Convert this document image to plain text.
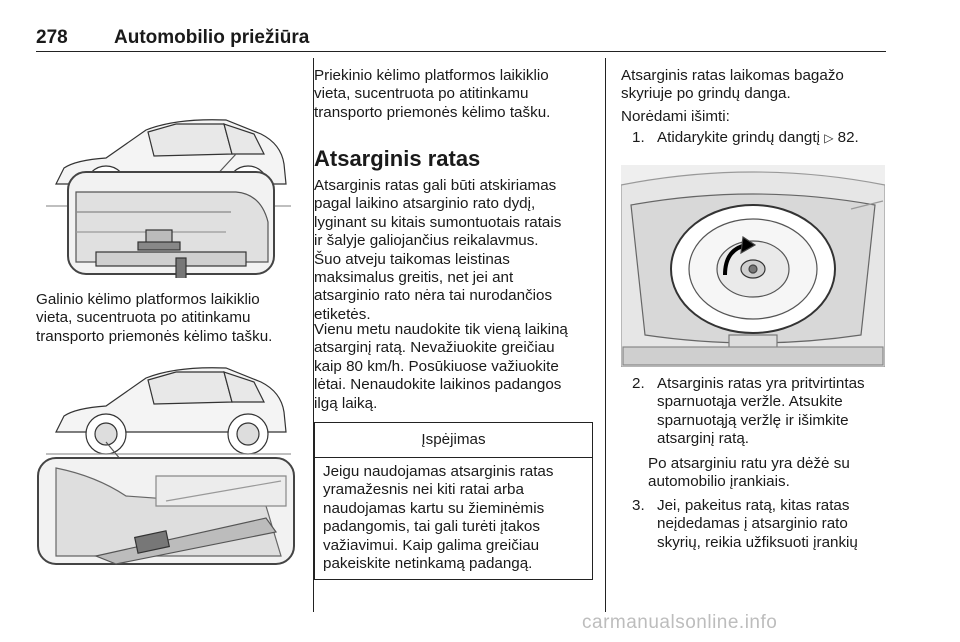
278 Automobilio priežiūra

Galinio kėlimo platformos laikiklio

vieta, sucentruota po atitinkamu

transporto priemonės kėlimo tašku.

Priekinio kėlimo platformos laikiklio

vieta, sucentruota po atitinkamu

transporto priemonės kėlimo tašku.

Atsarginis ratas

Atsarginis ratas gali būti atskiriamas

pagal laikino atsarginio rato dydį,

lyginant su kitais sumontuotais ratais

ir šalyje galiojančius reikalavmus.

Šuo atveju taikomas leistinas

maksimalus greitis, net jei ant

atsarginio rato nėra tai nurodančios

etiketės.

Vienu metu naudokite tik vieną laikiną

atsarginį ratą. Nevažiuokite greičiau

kaip 80 km/h. Posūkiuose važiuokite

lėtai. Nenaudokite laikinos padangos

ilgą laiką.

Įspėjimas

Jeigu naudojamas atsarginis ratas

yramažesnis nei kiti ratai arba

naudojamas kartu su žieminėmis

padangomis, tai gali turėti įtakos

važiavimui. Kaip galima greičiau

pakeiskite netinkamą padangą.

Atsarginis ratas laikomas bagažo

skyriuje po grindų danga.

Norėdami išimti:

1. Atidarykite grindų dangtį ▷ 82.
2. Atsarginis ratas yra pritvirtintas
sparnuotąja veržle. Atsukite
sparnuotąją veržlę ir išimkite
atsarginį ratą.

Po atsarginiu ratu yra dėžė su

automobilio įrankiais.

3. Jei, pakeitus ratą, kitas ratas
neįdedamas į atsarginio rato
skyrių, reikia užfiksuoti įrankių
carmanualsonline.info
